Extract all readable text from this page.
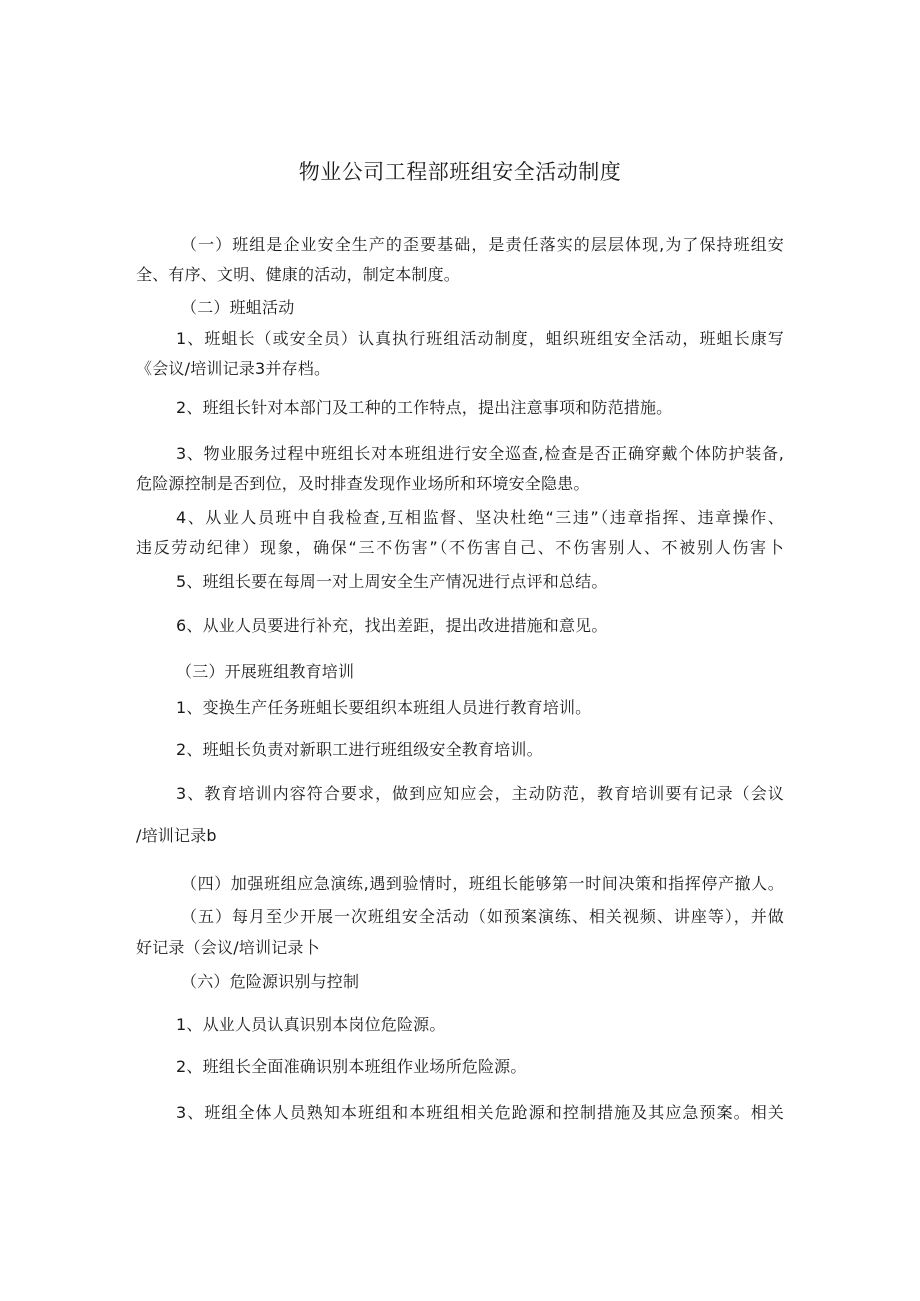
物业公司工程部班组安全活动制度
（一）班组是企业安全生产的歪要基础，是责任落实的层层体现,为了保持班组安
全、有序、文明、健康的活动，制定本制度。
（二）班蛆活动
1、班蛆长（或安全员）认真执行班组活动制度，蛆织班组安全活动，班蛆长康写
《会议/培训记录3并存档。
2、班组长针对本部门及工种的工作特点，提出注意事项和防范措施。
3、物业服务过程中班组长对本班组进行安全巡查,检查是否正确穿戴个体防护装备,
危险源控制是否到位，及时排查发现作业场所和环境安全隐患。
4、从业人员班中自我检查,互相监督、坚决杜绝“三违”（违章指挥、违章操作、
违反劳动纪律）现象，确保“三不伤害”（不伤害自己、不伤害别人、不被别人伤害卜
5、班组长要在每周一对上周安全生产情况进行点评和总结。
6、从业人员要进行补充，找出差距，提出改进措施和意见。
（三）开展班组教育培训
1、变换生产任务班蛆长要组织本班组人员进行教育培训。
2、班蛆长负责对新职工进行班组级安全教育培训。
3、教育培训内容符合要求，做到应知应会，主动防范，教育培训要有记录（会议
/培训记录b
（四）加强班组应急演练,遇到验情时，班组长能够第一时间决策和指挥停产撤人。
（五）每月至少开展一次班组安全活动（如预案演练、相关视频、讲座等），并做
好记录（会议/培训记录卜
（六）危险源识别与控制
1、从业人员认真识别本岗位危险源。
2、班组长全面准确识别本班组作业场所危险源。
3、班组全体人员熟知本班组和本班组相关危跄源和控制措施及其应急预案。相关
